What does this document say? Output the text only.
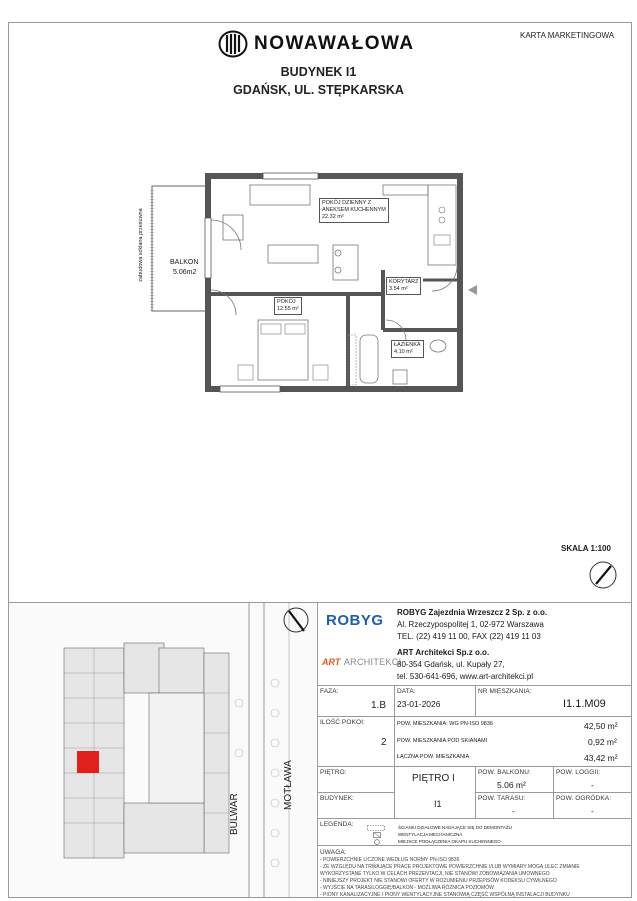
KARTA MARKETINGOWA
NOWAWAŁOWA
BUDYNEK I1
GDAŃSK, UL. STĘPKARSKA
POKÓJ DZIENNY Z
ANEKSEM KUCHENNYM
22.32 m²
KORYTARZ
3.54 m²
POKÓJ
12.55 m²
ŁAZIENKA
4.10 m²
BALKON
5.06m2
zabudowa szklana przesuwna
SKALA 1:100
BULWAR
MOTŁAWA
ROBYG ROBYG Zajezdnia Wrzeszcz 2 Sp. z o.o.
Al. Rzeczypospolitej 1, 02-972 Warszawa
TEL. (22) 419 11 00, FAX (22) 419 11 03
ART ARCHITEKCI
ART Architekci Sp.z o.o.
80-354 Gdańsk, ul. Kupały 27,
tel. 530-641-696, www.art-architekci.pl
FAZA:
1.B
DATA:
23-01-2026
NR MIESZKANIA:
I1.1.M09
ILOŚĆ POKOI:
2
POW. MIESZKANIA: WG PN-ISO 9836	42,50 m²
POW. MIESZKANIA POD SKIANAMI	0,92 m²
ŁĄCZNA POW. MIESZKANIA	43,42 m²
PIĘTRO:
PIĘTRO I
POW. BALKONU:
5.06 m²
POW. LOGGII:
-
BUDYNEK:
I1
POW. TARASU:
-
POW. OGRÓDKA:
-
LEGENDA:	ŚCIANKI DZIAŁOWE NADAJĄCE SIĘ DO DEMONTAŻU
WENTYLACJA MECHANICZNA
MIEJSCE PODŁĄCZENIA OKAPU KUCHENNEGO
UWAGA:
- POWIERZCHNIE LICZONE WEDŁUG NORMY PN-ISO 9836
- ZE WZGLĘDU NA TRWAJĄCE PRACE PROJEKTOWE POWIERZCHNIE I/LUB WYMIARY MOGĄ ULEC ZMIANIE
WYKORZYSTANE TYLKO W CELACH PREZENTACJI, NIE STANOWI ZOBOWIĄZANIA UMOWNEGO
- NINIEJSZY PROJEKT NIE STANOWI OFERTY W ROZUMIENIU PRZEPISÓW KODEKSU CYWILNEGO
- WYJŚCIE NA TARAS/LOGGIĘ/BALKON - MOŻLIWA RÓŻNICA POZIOMÓW
- PIONY KANALIZACYJNE I PIONY WENTYLACYJNE STANOWIĄ CZĘŚĆ WSPÓLNĄ INSTALACJI BUDYNKU
